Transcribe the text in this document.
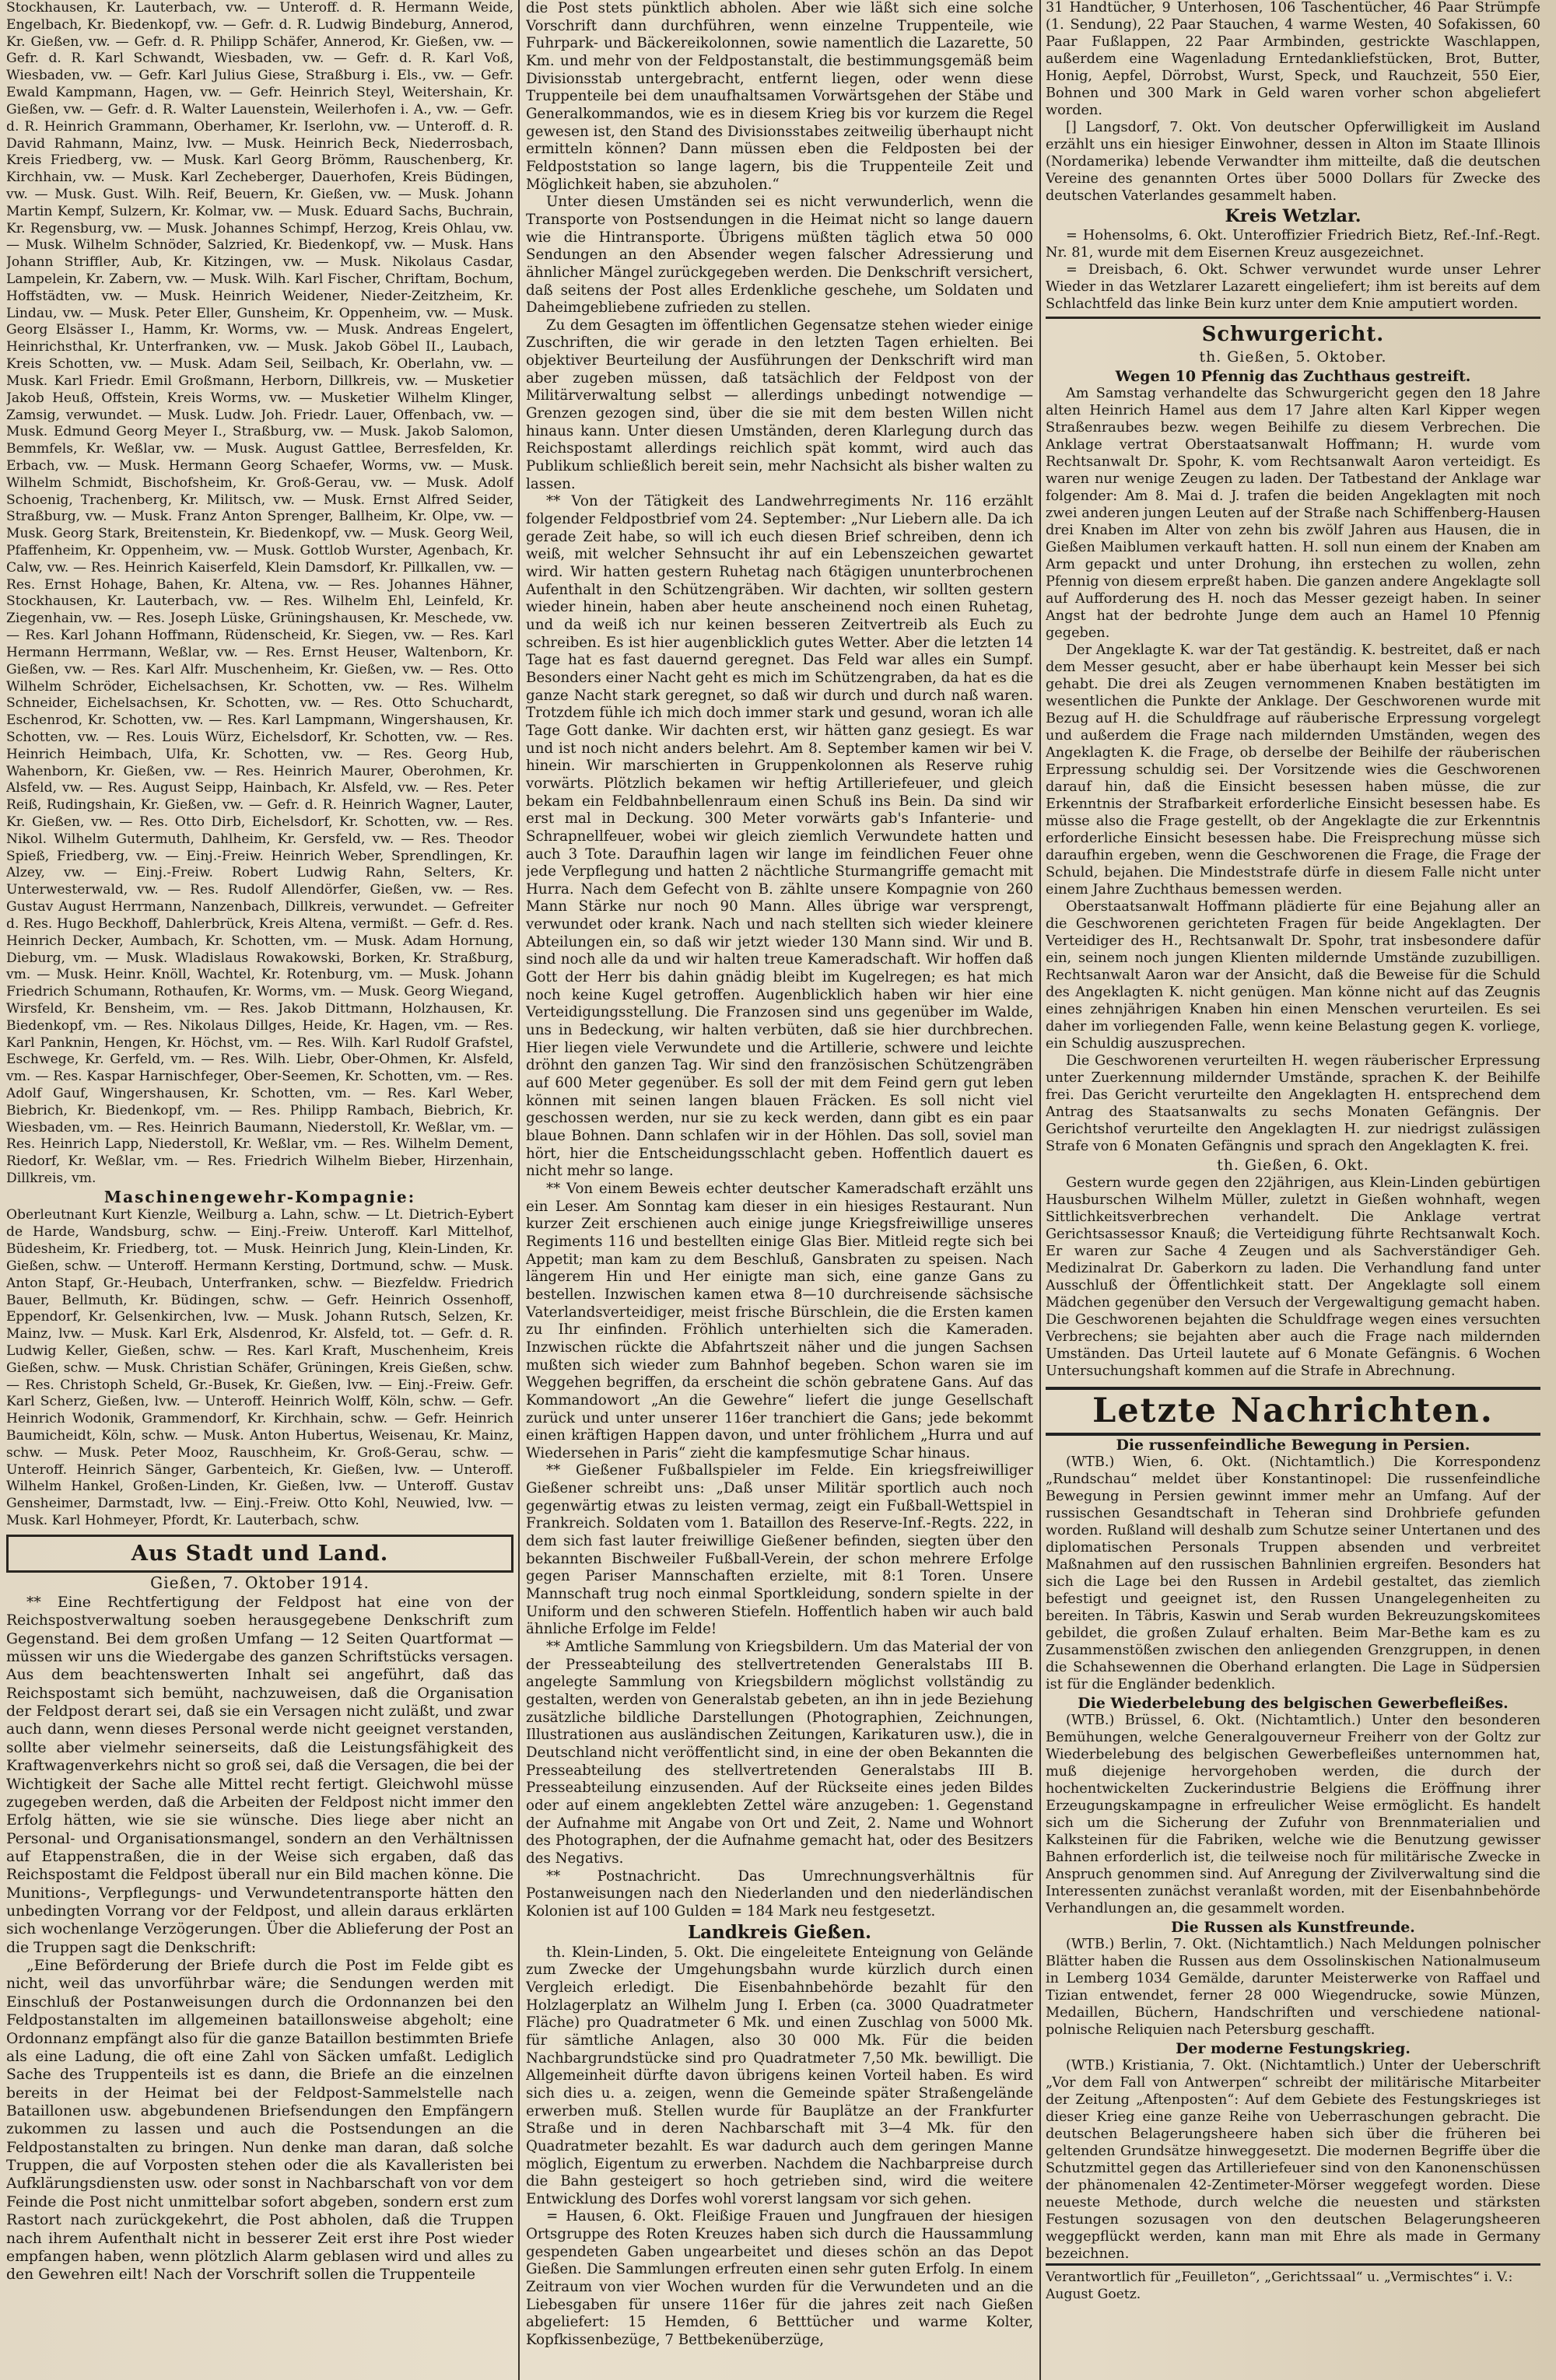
Stockhausen, Kr. Lauterbach, vw. — Unteroff. d. R. Hermann Weide, Engelbach, Kr. Biedenkopf, vw. — Gefr. d. R. Ludwig Bindeburg, Annerod, Kr. Gießen, vw. — Gefr. d. R. Philipp Schäfer, Annerod, Kr. Gießen, vw. — Gefr. d. R. Karl Schwandt, Wiesbaden, vw. — Gefr. d. R. Karl Voß, Wiesbaden, vw. — Gefr. Karl Julius Giese, Straßburg i. Els., vw. — Gefr. Ewald Kampmann, Hagen, vw. — Gefr. Heinrich Steyl, Weitershain, Kr. Gießen, vw. — Gefr. d. R. Walter Lauenstein, Weilerhofen i. A., vw. — Gefr. d. R. Heinrich Grammann, Oberhamer, Kr. Iserlohn, vw. — Unteroff. d. R. David Rahmann, Mainz, lvw. — Musk. Heinrich Beck, Niederrosbach, Kreis Friedberg, vw. — Musk. Karl Georg Brömm, Rauschenberg, Kr. Kirchhain, vw. — Musk. Karl Zecheberger, Dauerhofen, Kreis Büdingen, vw. — Musk. Gust. Wilh. Reif, Beuern, Kr. Gießen, vw. — Musk. Johann Martin Kempf, Sulzern, Kr. Kolmar, vw. — Musk. Eduard Sachs, Buchrain, Kr. Regensburg, vw. — Musk. Johannes Schimpf, Herzog, Kreis Ohlau, vw. — Musk. Wilhelm Schnöder, Salzried, Kr. Biedenkopf, vw. — Musk. Hans Johann Striffler, Aub, Kr. Kitzingen, vw. — Musk. Nikolaus Casdar, Lampelein, Kr. Zabern, vw. — Musk. Wilh. Karl Fischer, Chriftam, Bochum, Hoffstädten, vw. — Musk. Heinrich Weidener, Nieder-Zeitzheim, Kr. Lindau, vw. — Musk. Peter Eller, Gunsheim, Kr. Oppenheim, vw. — Musk. Georg Elsässer I., Hamm, Kr. Worms, vw. — Musk. Andreas Engelert, Heinrichsthal, Kr. Unterfranken, vw. — Musk. Jakob Göbel II., Laubach, Kreis Schotten, vw. — Musk. Adam Seil, Seilbach, Kr. Oberlahn, vw. — Musk. Karl Friedr. Emil Großmann, Herborn, Dillkreis, vw. — Musketier Jakob Heuß, Offstein, Kreis Worms, vw. — Musketier Wilhelm Klinger, Zamsig, verwundet. — Musk. Ludw. Joh. Friedr. Lauer, Offenbach, vw. — Musk. Edmund Georg Meyer I., Straßburg, vw. — Musk. Jakob Salomon, Bemmfels, Kr. Weßlar, vw. — Musk. August Gattlee, Berresfelden, Kr. Erbach, vw. — Musk. Hermann Georg Schaefer, Worms, vw. — Musk. Wilhelm Schmidt, Bischofsheim, Kr. Groß-Gerau, vw. — Musk. Adolf Schoenig, Trachenberg, Kr. Militsch, vw. — Musk. Ernst Alfred Seider, Straßburg, vw. — Musk. Franz Anton Sprenger, Ballheim, Kr. Olpe, vw. — Musk. Georg Stark, Breitenstein, Kr. Biedenkopf, vw. — Musk. Georg Weil, Pfaffenheim, Kr. Oppenheim, vw. — Musk. Gottlob Wurster, Agenbach, Kr. Calw, vw. — Res. Heinrich Kaiserfeld, Klein Damsdorf, Kr. Pillkallen, vw. — Res. Ernst Hohage, Bahen, Kr. Altena, vw. — Res. Johannes Hähner, Stockhausen, Kr. Lauterbach, vw. — Res. Wilhelm Ehl, Leinfeld, Kr. Ziegenhain, vw. — Res. Joseph Lüske, Grüningshausen, Kr. Meschede, vw. — Res. Karl Johann Hoffmann, Rüdenscheid, Kr. Siegen, vw. — Res. Karl Hermann Herrmann, Weßlar, vw. — Res. Ernst Heuser, Waltenborn, Kr. Gießen, vw. — Res. Karl Alfr. Muschenheim, Kr. Gießen, vw. — Res. Otto Wilhelm Schröder, Eichelsachsen, Kr. Schotten, vw. — Res. Wilhelm Schneider, Eichelsachsen, Kr. Schotten, vw. — Res. Otto Schuchardt, Eschenrod, Kr. Schotten, vw. — Res. Karl Lampmann, Wingershausen, Kr. Schotten, vw. — Res. Louis Würz, Eichelsdorf, Kr. Schotten, vw. — Res. Heinrich Heimbach, Ulfa, Kr. Schotten, vw. — Res. Georg Hub, Wahenborn, Kr. Gießen, vw. — Res. Heinrich Maurer, Oberohmen, Kr. Alsfeld, vw. — Res. August Seipp, Hainbach, Kr. Alsfeld, vw. — Res. Peter Reiß, Rudingshain, Kr. Gießen, vw. — Gefr. d. R. Heinrich Wagner, Lauter, Kr. Gießen, vw. — Res. Otto Dirb, Eichelsdorf, Kr. Schotten, vw. — Res. Nikol. Wilhelm Gutermuth, Dahlheim, Kr. Gersfeld, vw. — Res. Theodor Spieß, Friedberg, vw. — Einj.-Freiw. Heinrich Weber, Sprendlingen, Kr. Alzey, vw. — Einj.-Freiw. Robert Ludwig Rahn, Selters, Kr. Unterwesterwald, vw. — Res. Rudolf Allendörfer, Gießen, vw. — Res. Gustav August Herrmann, Nanzenbach, Dillkreis, verwundet. — Gefreiter d. Res. Hugo Beckhoff, Dahlerbrück, Kreis Altena, vermißt. — Gefr. d. Res. Heinrich Decker, Aumbach, Kr. Schotten, vm. — Musk. Adam Hornung, Dieburg, vm. — Musk. Wladislaus Rowakowski, Borken, Kr. Straßburg, vm. — Musk. Heinr. Knöll, Wachtel, Kr. Rotenburg, vm. — Musk. Johann Friedrich Schumann, Rothaufen, Kr. Worms, vm. — Musk. Georg Wiegand, Wirsfeld, Kr. Bensheim, vm. — Res. Jakob Dittmann, Holzhausen, Kr. Biedenkopf, vm. — Res. Nikolaus Dillges, Heide, Kr. Hagen, vm. — Res. Karl Panknin, Hengen, Kr. Höchst, vm. — Res. Wilh. Karl Rudolf Grafstel, Eschwege, Kr. Gerfeld, vm. — Res. Wilh. Liebr, Ober-Ohmen, Kr. Alsfeld, vm. — Res. Kaspar Harnischfeger, Ober-Seemen, Kr. Schotten, vm. — Res. Adolf Gauf, Wingershausen, Kr. Schotten, vm. — Res. Karl Weber, Biebrich, Kr. Biedenkopf, vm. — Res. Philipp Rambach, Biebrich, Kr. Wiesbaden, vm. — Res. Heinrich Baumann, Niederstoll, Kr. Weßlar, vm. — Res. Heinrich Lapp, Niederstoll, Kr. Weßlar, vm. — Res. Wilhelm Dement, Riedorf, Kr. Weßlar, vm. — Res. Friedrich Wilhelm Bieber, Hirzenhain, Dillkreis, vm.

Maschinengewehr-Kompagnie:

Oberleutnant Kurt Kienzle, Weilburg a. Lahn, schw. — Lt. Dietrich-Eybert de Harde, Wandsburg, schw. — Einj.-Freiw. Unteroff. Karl Mittelhof, Büdesheim, Kr. Friedberg, tot. — Musk. Heinrich Jung, Klein-Linden, Kr. Gießen, schw. — Unteroff. Hermann Kersting, Dortmund, schw. — Musk. Anton Stapf, Gr.-Heubach, Unterfranken, schw. — Biezfeldw. Friedrich Bauer, Bellmuth, Kr. Büdingen, schw. — Gefr. Heinrich Ossenhoff, Eppendorf, Kr. Gelsenkirchen, lvw. — Musk. Johann Rutsch, Selzen, Kr. Mainz, lvw. — Musk. Karl Erk, Alsdenrod, Kr. Alsfeld, tot. — Gefr. d. R. Ludwig Keller, Gießen, schw. — Res. Karl Kraft, Muschenheim, Kreis Gießen, schw. — Musk. Christian Schäfer, Grüningen, Kreis Gießen, schw. — Res. Christoph Scheld, Gr.-Busek, Kr. Gießen, lvw. — Einj.-Freiw. Gefr. Karl Scherz, Gießen, lvw. — Unteroff. Heinrich Wolff, Köln, schw. — Gefr. Heinrich Wodonik, Grammendorf, Kr. Kirchhain, schw. — Gefr. Heinrich Baumicheidt, Köln, schw. — Musk. Anton Hubertus, Weisenau, Kr. Mainz, schw. — Musk. Peter Mooz, Rauschheim, Kr. Groß-Gerau, schw. — Unteroff. Heinrich Sänger, Garbenteich, Kr. Gießen, lvw. — Unteroff. Wilhelm Hankel, Großen-Linden, Kr. Gießen, lvw. — Unteroff. Gustav Gensheimer, Darmstadt, lvw. — Einj.-Freiw. Otto Kohl, Neuwied, lvw. — Musk. Karl Hohmeyer, Pfordt, Kr. Lauterbach, schw.

Aus Stadt und Land.
Gießen, 7. Oktober 1914.

** Eine Rechtfertigung der Feldpost hat eine von der Reichspostverwaltung soeben herausgegebene Denkschrift zum Gegenstand. Bei dem großen Umfang — 12 Seiten Quartformat — müssen wir uns die Wiedergabe des ganzen Schriftstücks versagen. Aus dem beachtenswerten Inhalt sei angeführt, daß das Reichspostamt sich bemüht, nachzuweisen, daß die Organisation der Feldpost derart sei, daß sie ein Versagen nicht zuläßt, und zwar auch dann, wenn dieses Personal werde nicht geeignet verstanden, sollte aber vielmehr seinerseits, daß die Leistungsfähigkeit des Kraftwagenverkehrs nicht so groß sei, daß die Versagen, die bei der Wichtigkeit der Sache alle Mittel recht fertigt. Gleichwohl müsse zugegeben werden, daß die Arbeiten der Feldpost nicht immer den Erfolg hätten, wie sie sie wünsche. Dies liege aber nicht an Personal- und Organisationsmangel, sondern an den Verhältnissen auf Etappenstraßen, die in der Weise sich ergaben, daß das Reichspostamt die Feldpost überall nur ein Bild machen könne. Die Munitions-, Verpflegungs- und Verwundetentransporte hätten den unbedingten Vorrang vor der Feldpost, und allein daraus erklärten sich wochenlange Verzögerungen. Über die Ablieferung der Post an die Truppen sagt die Denkschrift:

„Eine Beförderung der Briefe durch die Post im Felde gibt es nicht, weil das unvorführbar wäre; die Sendungen werden mit Einschluß der Postanweisungen durch die Ordonnanzen bei den Feldpostanstalten im allgemeinen bataillonsweise abgeholt; eine Ordonnanz empfängt also für die ganze Bataillon bestimmten Briefe als eine Ladung, die oft eine Zahl von Säcken umfaßt. Lediglich Sache des Truppenteils ist es dann, die Briefe an die einzelnen bereits in der Heimat bei der Feldpost-Sammelstelle nach Bataillonen usw. abgebundenen Briefsendungen den Empfängern zukommen zu lassen und auch die Postsendungen an die Feldpostanstalten zu bringen. Nun denke man daran, daß solche Truppen, die auf Vorposten stehen oder die als Kavalleristen bei Aufklärungsdiensten usw. oder sonst in Nachbarschaft von vor dem Feinde die Post nicht unmittelbar sofort abgeben, sondern erst zum Rastort nach zurückgekehrt, die Post abholen, daß die Truppen nach ihrem Aufenthalt nicht in besserer Zeit erst ihre Post wieder empfangen haben, wenn plötzlich Alarm geblasen wird und alles zu den Gewehren eilt! Nach der Vorschrift sollen die Truppenteile

die Post stets pünktlich abholen. Aber wie läßt sich eine solche Vorschrift dann durchführen, wenn einzelne Truppenteile, wie Fuhrpark- und Bäckereikolonnen, sowie namentlich die Lazarette, 50 Km. und mehr von der Feldpostanstalt, die bestimmungsgemäß beim Divisionsstab untergebracht, entfernt liegen, oder wenn diese Truppenteile bei dem unaufhaltsamen Vorwärtsgehen der Stäbe und Generalkommandos, wie es in diesem Krieg bis vor kurzem die Regel gewesen ist, den Stand des Divisionsstabes zeitweilig überhaupt nicht ermitteln können? Dann müssen eben die Feldposten bei der Feldpoststation so lange lagern, bis die Truppenteile Zeit und Möglichkeit haben, sie abzuholen.“

Unter diesen Umständen sei es nicht verwunderlich, wenn die Transporte von Postsendungen in die Heimat nicht so lange dauern wie die Hintransporte. Übrigens müßten täglich etwa 50 000 Sendungen an den Absender wegen falscher Adressierung und ähnlicher Mängel zurückgegeben werden. Die Denkschrift versichert, daß seitens der Post alles Erdenkliche geschehe, um Soldaten und Daheimgebliebene zufrieden zu stellen.

Zu dem Gesagten im öffentlichen Gegensatze stehen wieder einige Zuschriften, die wir gerade in den letzten Tagen erhielten. Bei objektiver Beurteilung der Ausführungen der Denkschrift wird man aber zugeben müssen, daß tatsächlich der Feldpost von der Militärverwaltung selbst — allerdings unbedingt notwendige — Grenzen gezogen sind, über die sie mit dem besten Willen nicht hinaus kann. Unter diesen Umständen, deren Klarlegung durch das Reichspostamt allerdings reichlich spät kommt, wird auch das Publikum schließlich bereit sein, mehr Nachsicht als bisher walten zu lassen.

** Von der Tätigkeit des Landwehrregiments Nr. 116 erzählt folgender Feldpostbrief vom 24. September: „Nur Liebern alle. Da ich gerade Zeit habe, so will ich euch diesen Brief schreiben, denn ich weiß, mit welcher Sehnsucht ihr auf ein Lebenszeichen gewartet wird. Wir hatten gestern Ruhetag nach 6tägigen ununterbrochenen Aufenthalt in den Schützengräben. Wir dachten, wir sollten gestern wieder hinein, haben aber heute anscheinend noch einen Ruhetag, und da weiß ich nur keinen besseren Zeitvertreib als Euch zu schreiben. Es ist hier augenblicklich gutes Wetter. Aber die letzten 14 Tage hat es fast dauernd geregnet. Das Feld war alles ein Sumpf. Besonders einer Nacht geht es mich im Schützengraben, da hat es die ganze Nacht stark geregnet, so daß wir durch und durch naß waren. Trotzdem fühle ich mich doch immer stark und gesund, woran ich alle Tage Gott danke. Wir dachten erst, wir hätten ganz gesiegt. Es war und ist noch nicht anders belehrt. Am 8. September kamen wir bei V. hinein. Wir marschierten in Gruppenkolonnen als Reserve ruhig vorwärts. Plötzlich bekamen wir heftig Artilleriefeuer, und gleich bekam ein Feldbahnbellenraum einen Schuß ins Bein. Da sind wir erst mal in Deckung. 300 Meter vorwärts gab's Infanterie- und Schrapnellfeuer, wobei wir gleich ziemlich Verwundete hatten und auch 3 Tote. Daraufhin lagen wir lange im feindlichen Feuer ohne jede Verpflegung und hatten 2 nächtliche Sturmangriffe gemacht mit Hurra. Nach dem Gefecht von B. zählte unsere Kompagnie von 260 Mann Stärke nur noch 90 Mann. Alles übrige war versprengt, verwundet oder krank. Nach und nach stellten sich wieder kleinere Abteilungen ein, so daß wir jetzt wieder 130 Mann sind. Wir und B. sind noch alle da und wir halten treue Kameradschaft. Wir hoffen daß Gott der Herr bis dahin gnädig bleibt im Kugelregen; es hat mich noch keine Kugel getroffen. Augenblicklich haben wir hier eine Verteidigungsstellung. Die Franzosen sind uns gegenüber im Walde, uns in Bedeckung, wir halten verbüten, daß sie hier durchbrechen. Hier liegen viele Verwundete und die Artillerie, schwere und leichte dröhnt den ganzen Tag. Wir sind den französischen Schützengräben auf 600 Meter gegenüber. Es soll der mit dem Feind gern gut leben können mit seinen langen blauen Fräcken. Es soll nicht viel geschossen werden, nur sie zu keck werden, dann gibt es ein paar blaue Bohnen. Dann schlafen wir in der Höhlen. Das soll, soviel man hört, hier die Entscheidungsschlacht geben. Hoffentlich dauert es nicht mehr so lange.

** Von einem Beweis echter deutscher Kameradschaft erzählt uns ein Leser. Am Sonntag kam dieser in ein hiesiges Restaurant. Nun kurzer Zeit erschienen auch einige junge Kriegsfreiwillige unseres Regiments 116 und bestellten einige Glas Bier. Mitleid regte sich bei Appetit; man kam zu dem Beschluß, Gansbraten zu speisen. Nach längerem Hin und Her einigte man sich, eine ganze Gans zu bestellen. Inzwischen kamen etwa 8—10 durchreisende sächsische Vaterlandsverteidiger, meist frische Bürschlein, die die Ersten kamen zu Ihr einfinden. Fröhlich unterhielten sich die Kameraden. Inzwischen rückte die Abfahrtszeit näher und die jungen Sachsen mußten sich wieder zum Bahnhof begeben. Schon waren sie im Weggehen begriffen, da erscheint die schön gebratene Gans. Auf das Kommandowort „An die Gewehre“ liefert die junge Gesellschaft zurück und unter unserer 116er tranchiert die Gans; jede bekommt einen kräftigen Happen davon, und unter fröhlichem „Hurra und auf Wiedersehen in Paris“ zieht die kampfesmutige Schar hinaus.

** Gießener Fußballspieler im Felde. Ein kriegsfreiwilliger Gießener schreibt uns: „Daß unser Militär sportlich auch noch gegenwärtig etwas zu leisten vermag, zeigt ein Fußball-Wettspiel in Frankreich. Soldaten vom 1. Bataillon des Reserve-Inf.-Regts. 222, in dem sich fast lauter freiwillige Gießener befinden, siegten über den bekannten Bischweiler Fußball-Verein, der schon mehrere Erfolge gegen Pariser Mannschaften erzielte, mit 8:1 Toren. Unsere Mannschaft trug noch einmal Sportkleidung, sondern spielte in der Uniform und den schweren Stiefeln. Hoffentlich haben wir auch bald ähnliche Erfolge im Felde!

** Amtliche Sammlung von Kriegsbildern. Um das Material der von der Presseabteilung des stellvertretenden Generalstabs III B. angelegte Sammlung von Kriegsbildern möglichst vollständig zu gestalten, werden von Generalstab gebeten, an ihn in jede Beziehung zusätzliche bildliche Darstellungen (Photographien, Zeichnungen, Illustrationen aus ausländischen Zeitungen, Karikaturen usw.), die in Deutschland nicht veröffentlicht sind, in eine der oben Bekannten die Presseabteilung des stellvertretenden Generalstabs III B. Presseabteilung einzusenden. Auf der Rückseite eines jeden Bildes oder auf einem angeklebten Zettel wäre anzugeben: 1. Gegenstand der Aufnahme mit Angabe von Ort und Zeit, 2. Name und Wohnort des Photographen, der die Aufnahme gemacht hat, oder des Besitzers des Negativs.

** Postnachricht. Das Umrechnungsverhältnis für Postanweisungen nach den Niederlanden und den niederländischen Kolonien ist auf 100 Gulden = 184 Mark neu festgesetzt.

Landkreis Gießen.

th. Klein-Linden, 5. Okt. Die eingeleitete Enteignung von Gelände zum Zwecke der Umgehungsbahn wurde kürzlich durch einen Vergleich erledigt. Die Eisenbahnbehörde bezahlt für den Holzlagerplatz an Wilhelm Jung I. Erben (ca. 3000 Quadratmeter Fläche) pro Quadratmeter 6 Mk. und einen Zuschlag von 5000 Mk. für sämtliche Anlagen, also 30 000 Mk. Für die beiden Nachbargrundstücke sind pro Quadratmeter 7,50 Mk. bewilligt. Die Allgemeinheit dürfte davon übrigens keinen Vorteil haben. Es wird sich dies u. a. zeigen, wenn die Gemeinde später Straßengelände erwerben muß. Stellen wurde für Bauplätze an der Frankfurter Straße und in deren Nachbarschaft mit 3—4 Mk. für den Quadratmeter bezahlt. Es war dadurch auch dem geringen Manne möglich, Eigentum zu erwerben. Nachdem die Nachbarpreise durch die Bahn gesteigert so hoch getrieben sind, wird die weitere Entwicklung des Dorfes wohl vorerst langsam vor sich gehen.

= Hausen, 6. Okt. Fleißige Frauen und Jungfrauen der hiesigen Ortsgruppe des Roten Kreuzes haben sich durch die Haussammlung gespendeten Gaben ungearbeitet und dieses schön an das Depot Gießen. Die Sammlungen erfreuten einen sehr guten Erfolg. In einem Zeitraum von vier Wochen wurden für die Verwundeten und an die Liebesgaben für unsere 116er für die jahres zeit nach Gießen abgeliefert: 15 Hemden, 6 Betttücher und warme Kolter, Kopfkissenbezüge, 7 Bettbekenüberzüge,

31 Handtücher, 9 Unterhosen, 106 Taschentücher, 46 Paar Strümpfe (1. Sendung), 22 Paar Stauchen, 4 warme Westen, 40 Sofakissen, 60 Paar Fußlappen, 22 Paar Armbinden, gestrickte Waschlappen, außerdem eine Wagenladung Erntedankliefstücken, Brot, Butter, Honig, Aepfel, Dörrobst, Wurst, Speck, und Rauchzeit, 550 Eier, Bohnen und 300 Mark in Geld waren vorher schon abgeliefert worden.

[] Langsdorf, 7. Okt. Von deutscher Opferwilligkeit im Ausland erzählt uns ein hiesiger Einwohner, dessen in Alton im Staate Illinois (Nordamerika) lebende Verwandter ihm mitteilte, daß die deutschen Vereine des genannten Ortes über 5000 Dollars für Zwecke des deutschen Vaterlandes gesammelt haben.

Kreis Wetzlar.

= Hohensolms, 6. Okt. Unteroffizier Friedrich Bietz, Ref.-Inf.-Regt. Nr. 81, wurde mit dem Eisernen Kreuz ausgezeichnet.

= Dreisbach, 6. Okt. Schwer verwundet wurde unser Lehrer Wieder in das Wetzlarer Lazarett eingeliefert; ihm ist bereits auf dem Schlachtfeld das linke Bein kurz unter dem Knie amputiert worden.

Schwurgericht.
th. Gießen, 5. Oktober.
Wegen 10 Pfennig das Zuchthaus gestreift.

Am Samstag verhandelte das Schwurgericht gegen den 18 Jahre alten Heinrich Hamel aus dem 17 Jahre alten Karl Kipper wegen Straßenraubes bezw. wegen Beihilfe zu diesem Verbrechen. Die Anklage vertrat Oberstaatsanwalt Hoffmann; H. wurde vom Rechtsanwalt Dr. Spohr, K. vom Rechtsanwalt Aaron verteidigt. Es waren nur wenige Zeugen zu laden. Der Tatbestand der Anklage war folgender: Am 8. Mai d. J. trafen die beiden Angeklagten mit noch zwei anderen jungen Leuten auf der Straße nach Schiffenberg-Hausen drei Knaben im Alter von zehn bis zwölf Jahren aus Hausen, die in Gießen Maiblumen verkauft hatten. H. soll nun einem der Knaben am Arm gepackt und unter Drohung, ihn erstechen zu wollen, zehn Pfennig von diesem erpreßt haben. Die ganzen andere Angeklagte soll auf Aufforderung des H. noch das Messer gezeigt haben. In seiner Angst hat der bedrohte Junge dem auch an Hamel 10 Pfennig gegeben.

Der Angeklagte K. war der Tat geständig. K. bestreitet, daß er nach dem Messer gesucht, aber er habe überhaupt kein Messer bei sich gehabt. Die drei als Zeugen vernommenen Knaben bestätigten im wesentlichen die Punkte der Anklage. Der Geschworenen wurde mit Bezug auf H. die Schuldfrage auf räuberische Erpressung vorgelegt und außerdem die Frage nach mildernden Umständen, wegen des Angeklagten K. die Frage, ob derselbe der Beihilfe der räuberischen Erpressung schuldig sei. Der Vorsitzende wies die Geschworenen darauf hin, daß die Einsicht besessen haben müsse, die zur Erkenntnis der Strafbarkeit erforderliche Einsicht besessen habe. Es müsse also die Frage gestellt, ob der Angeklagte die zur Erkenntnis erforderliche Einsicht besessen habe. Die Freisprechung müsse sich daraufhin ergeben, wenn die Geschworenen die Frage, die Frage der Schuld, bejahen. Die Mindeststrafe dürfe in diesem Falle nicht unter einem Jahre Zuchthaus bemessen werden.

Oberstaatsanwalt Hoffmann plädierte für eine Bejahung aller an die Geschworenen gerichteten Fragen für beide Angeklagten. Der Verteidiger des H., Rechtsanwalt Dr. Spohr, trat insbesondere dafür ein, seinem noch jungen Klienten mildernde Umstände zuzubilligen. Rechtsanwalt Aaron war der Ansicht, daß die Beweise für die Schuld des Angeklagten K. nicht genügen. Man könne nicht auf das Zeugnis eines zehnjährigen Knaben hin einen Menschen verurteilen. Es sei daher im vorliegenden Falle, wenn keine Belastung gegen K. vorliege, ein Schuldig auszusprechen.

Die Geschworenen verurteilten H. wegen räuberischer Erpressung unter Zuerkennung mildernder Umstände, sprachen K. der Beihilfe frei. Das Gericht verurteilte den Angeklagten H. entsprechend dem Antrag des Staatsanwalts zu sechs Monaten Gefängnis. Der Gerichtshof verurteilte den Angeklagten H. zur niedrigst zulässigen Strafe von 6 Monaten Gefängnis und sprach den Angeklagten K. frei.

th. Gießen, 6. Okt.

Gestern wurde gegen den 22jährigen, aus Klein-Linden gebürtigen Hausburschen Wilhelm Müller, zuletzt in Gießen wohnhaft, wegen Sittlichkeitsverbrechen verhandelt. Die Anklage vertrat Gerichtsassessor Knauß; die Verteidigung führte Rechtsanwalt Koch. Er waren zur Sache 4 Zeugen und als Sachverständiger Geh. Medizinalrat Dr. Gaberkorn zu laden. Die Verhandlung fand unter Ausschluß der Öffentlichkeit statt. Der Angeklagte soll einem Mädchen gegenüber den Versuch der Vergewaltigung gemacht haben. Die Geschworenen bejahten die Schuldfrage wegen eines versuchten Verbrechens; sie bejahten aber auch die Frage nach mildernden Umständen. Das Urteil lautete auf 6 Monate Gefängnis. 6 Wochen Untersuchungshaft kommen auf die Strafe in Abrechnung.

Letzte Nachrichten.
Die russenfeindliche Bewegung in Persien.

(WTB.) Wien, 6. Okt. (Nichtamtlich.) Die Korrespondenz „Rundschau“ meldet über Konstantinopel: Die russenfeindliche Bewegung in Persien gewinnt immer mehr an Umfang. Auf der russischen Gesandtschaft in Teheran sind Drohbriefe gefunden worden. Rußland will deshalb zum Schutze seiner Untertanen und des diplomatischen Personals Truppen absenden und verbreitet Maßnahmen auf den russischen Bahnlinien ergreifen. Besonders hat sich die Lage bei den Russen in Ardebil gestaltet, das ziemlich befestigt und geeignet ist, den Russen Unangelegenheiten zu bereiten. In Täbris, Kaswin und Serab wurden Bekreuzungskomitees gebildet, die großen Zulauf erhalten. Beim Mar-Bethe kam es zu Zusammenstößen zwischen den anliegenden Grenzgruppen, in denen die Schahsewennen die Oberhand erlangten. Die Lage in Südpersien ist für die Engländer bedenklich.

Die Wiederbelebung des belgischen Gewerbefleißes.

(WTB.) Brüssel, 6. Okt. (Nichtamtlich.) Unter den besonderen Bemühungen, welche Generalgouverneur Freiherr von der Goltz zur Wiederbelebung des belgischen Gewerbefleißes unternommen hat, muß diejenige hervorgehoben werden, die durch der hochentwickelten Zuckerindustrie Belgiens die Eröffnung ihrer Erzeugungskampagne in erfreulicher Weise ermöglicht. Es handelt sich um die Sicherung der Zufuhr von Brennmaterialien und Kalksteinen für die Fabriken, welche wie die Benutzung gewisser Bahnen erforderlich ist, die teilweise noch für militärische Zwecke in Anspruch genommen sind. Auf Anregung der Zivilverwaltung sind die Interessenten zunächst veranlaßt worden, mit der Eisenbahnbehörde Verhandlungen an, die gesammelt worden.

Die Russen als Kunstfreunde.

(WTB.) Berlin, 7. Okt. (Nichtamtlich.) Nach Meldungen polnischer Blätter haben die Russen aus dem Ossolinskischen Nationalmuseum in Lemberg 1034 Gemälde, darunter Meisterwerke von Raffael und Tizian entwendet, ferner 28 000 Wiegendrucke, sowie Münzen, Medaillen, Büchern, Handschriften und verschiedene national-polnische Reliquien nach Petersburg geschafft.

Der moderne Festungskrieg.

(WTB.) Kristiania, 7. Okt. (Nichtamtlich.) Unter der Ueberschrift „Vor dem Fall von Antwerpen“ schreibt der militärische Mitarbeiter der Zeitung „Aftenposten“: Auf dem Gebiete des Festungskrieges ist dieser Krieg eine ganze Reihe von Ueberraschungen gebracht. Die deutschen Belagerungsheere haben sich über die früheren bei geltenden Grundsätze hinweggesetzt. Die modernen Begriffe über die Schutzmittel gegen das Artilleriefeuer sind von den Kanonenschüssen der phänomenalen 42-Zentimeter-Mörser weggefegt worden. Diese neueste Methode, durch welche die neuesten und stärksten Festungen sozusagen von den deutschen Belagerungsheeren weggepflückt werden, kann man mit Ehre als made in Germany bezeichnen.

Verantwortlich für „Feuilleton“, „Gerichtssaal“ u. „Vermischtes“ i. V.: August Goetz.
